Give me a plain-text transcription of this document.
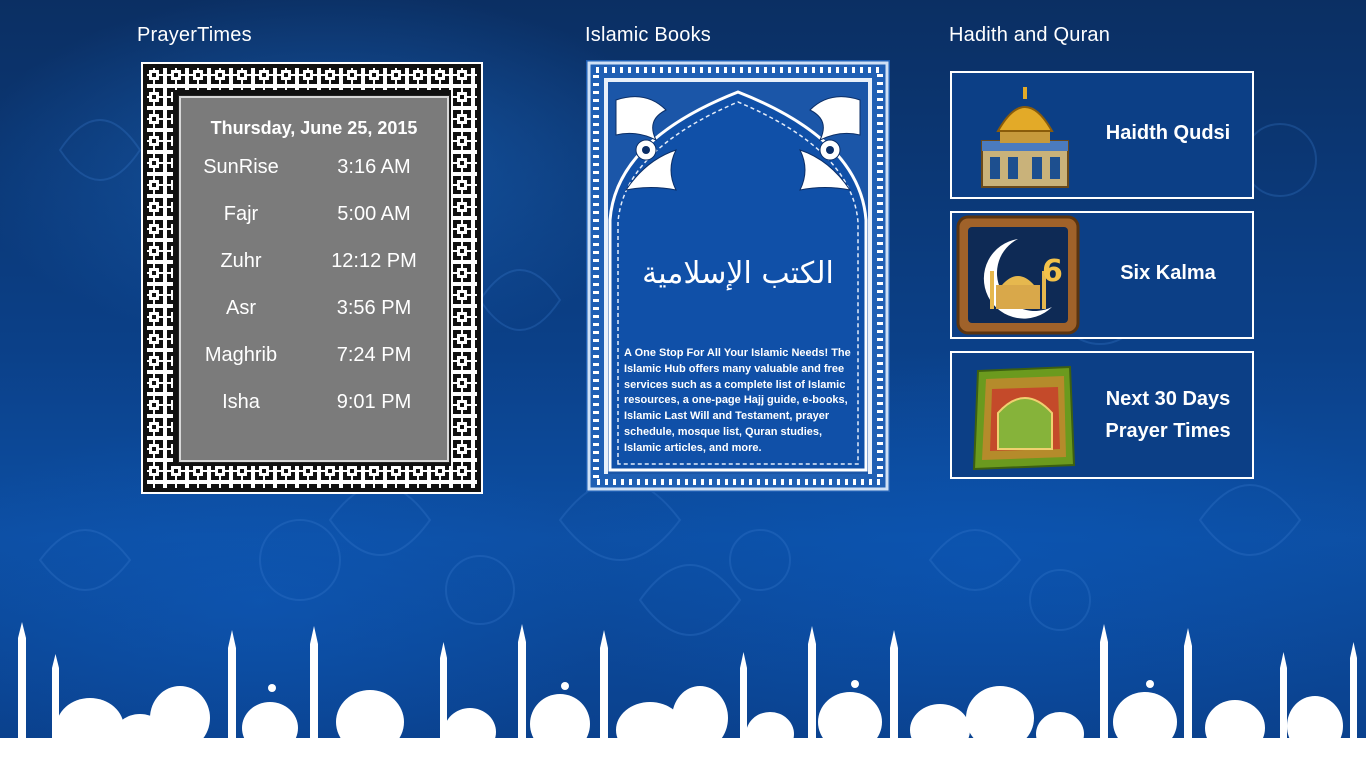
PrayerTimes	Islamic Books	Hadith and Quran
Thursday, June 25, 2015
SunRise	3:16 AM
Fajr	5:00 AM
Zuhr	12:12 PM
Asr	3:56 PM
Maghrib	7:24 PM
Isha	9:01 PM
الكتب الإسلامية
A One Stop For All Your Islamic Needs! The Islamic Hub offers many valuable and free services such as a complete list of Islamic resources, a one-page Hajj guide, e-books, Islamic Last Will and Testament, prayer schedule, mosque list, Quran studies, Islamic articles, and more.
Haidth Qudsi
6	Six Kalma
Next 30 Days
Prayer Times
